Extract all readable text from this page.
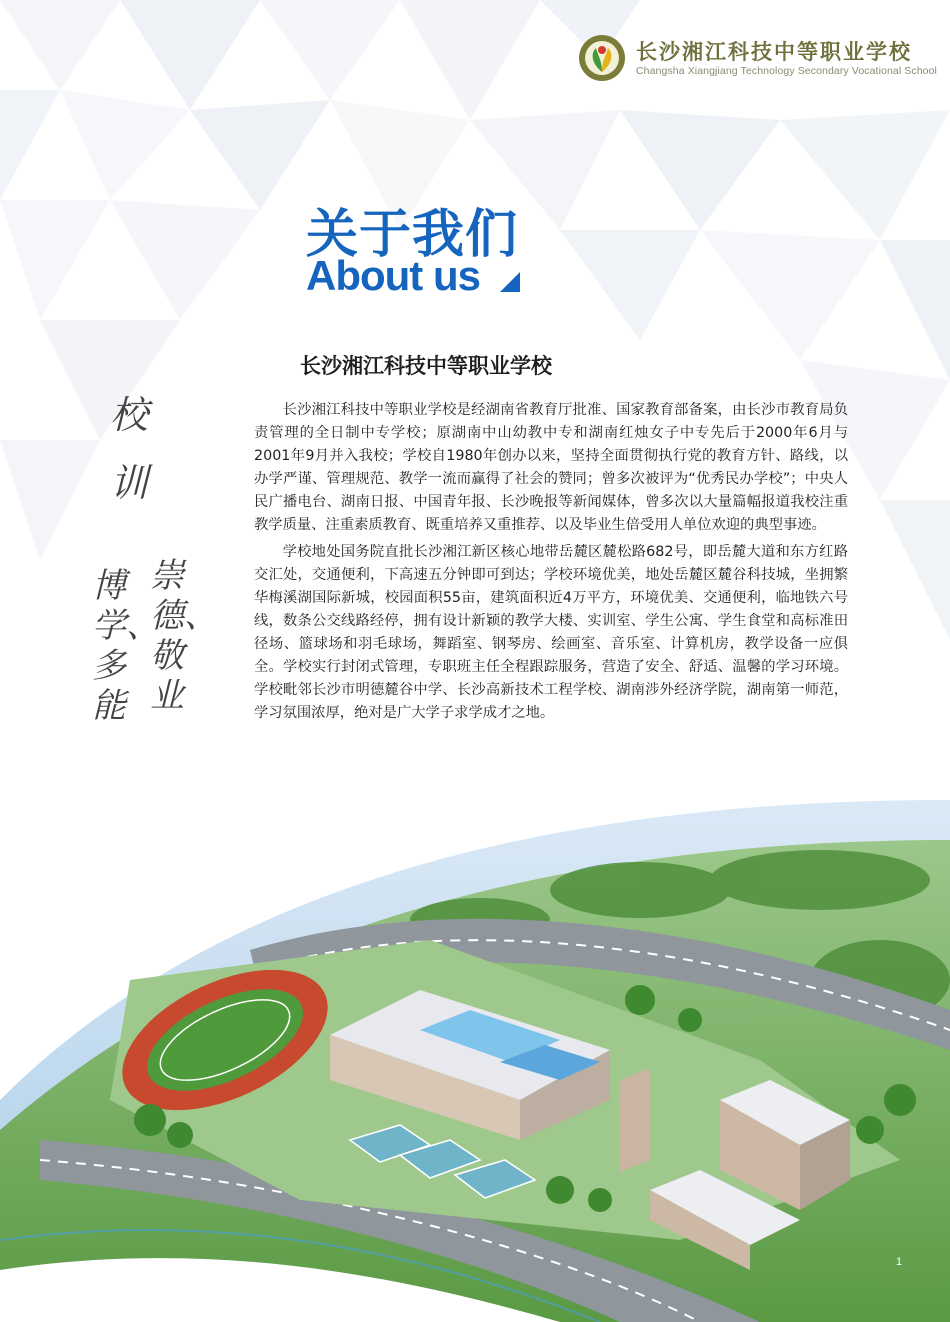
长沙湘江科技中等职业学校
Changsha Xiangjiang Technology Secondary Vocational School
关于我们
About us
校
训
崇德、敬业
博学、多能
长沙湘江科技中等职业学校

长沙湘江科技中等职业学校是经湖南省教育厅批准、国家教育部备案，由长沙市教育局负责管理的全日制中专学校；原湖南中山幼教中专和湖南红烛女子中专先后于2000年6月与2001年9月并入我校；学校自1980年创办以来，坚持全面贯彻执行党的教育方针、路线，以办学严谨、管理规范、教学一流而赢得了社会的赞同；曾多次被评为“优秀民办学校”；中央人民广播电台、湖南日报、中国青年报、长沙晚报等新闻媒体，曾多次以大量篇幅报道我校注重教学质量、注重素质教育、既重培养又重推荐、以及毕业生倍受用人单位欢迎的典型事迹。

学校地处国务院直批长沙湘江新区核心地带岳麓区麓松路682号，即岳麓大道和东方红路交汇处，交通便利，下高速五分钟即可到达；学校环境优美，地处岳麓区麓谷科技城，坐拥繁华梅溪湖国际新城，校园面积55亩，建筑面积近4万平方，环境优美、交通便利，临地铁六号线，数条公交线路经停，拥有设计新颖的教学大楼、实训室、学生公寓、学生食堂和高标准田径场、篮球场和羽毛球场，舞蹈室、钢琴房、绘画室、音乐室、计算机房，教学设备一应俱全。学校实行封闭式管理，专职班主任全程跟踪服务，营造了安全、舒适、温馨的学习环境。学校毗邻长沙市明德麓谷中学、长沙高新技术工程学校、湖南涉外经济学院，湖南第一师范，学习氛围浓厚，绝对是广大学子求学成才之地。

1
